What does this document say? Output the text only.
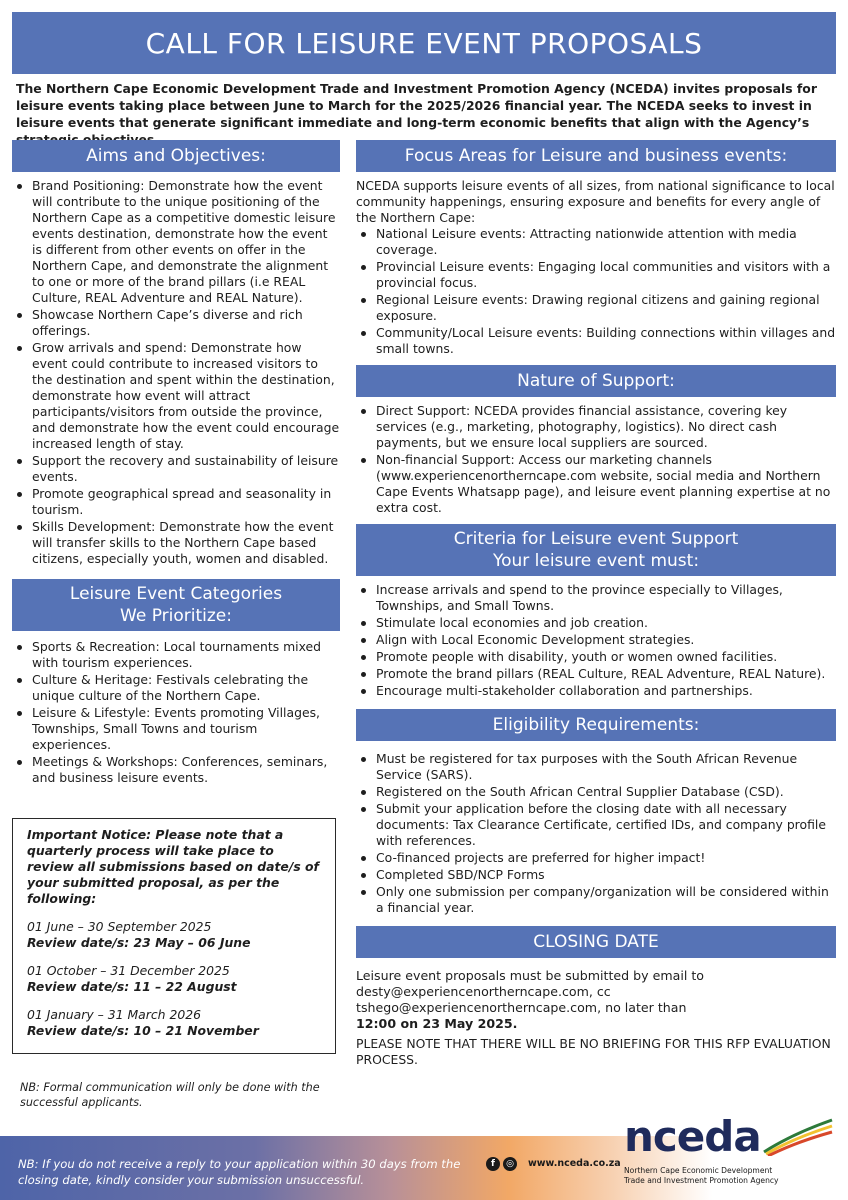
CALL FOR LEISURE EVENT PROPOSALS
The Northern Cape Economic Development Trade and Investment Promotion Agency (NCEDA) invites proposals for leisure events taking place between June to March for the 2025/2026 financial year. The NCEDA seeks to invest in leisure events that generate significant immediate and long-term economic benefits that align with the Agency’s
Aims and Objectives:
Brand Positioning: Demonstrate how the event will contribute to the unique positioning of the Northern Cape as a competitive domestic leisure events destination, demonstrate how the event is different from other events on offer in the Northern Cape, and demonstrate the alignment to one or more of the brand pillars (i.e REAL Culture, REAL Adventure and REAL Nature).
Showcase Northern Cape’s diverse and rich offerings.
Grow arrivals and spend: Demonstrate how event could contribute to increased visitors to the destination and spent within the destination, demonstrate how event will attract participants/visitors from outside the province, and demonstrate how the event could encourage increased length of stay.
Support the recovery and sustainability of leisure events.
Promote geographical spread and seasonality in tourism.
Skills Development: Demonstrate how the event will transfer skills to the Northern Cape based citizens, especially youth, women and disabled.
Leisure Event Categories
We Prioritize:
Sports & Recreation: Local tournaments mixed with tourism experiences.
Culture & Heritage: Festivals celebrating the unique culture of the Northern Cape.
Leisure & Lifestyle: Events promoting Villages, Townships, Small Towns and tourism experiences.
Meetings & Workshops: Conferences, seminars, and business leisure events.
Important Notice: Please note that a quarterly process will take place to review all submissions based on date/s of your submitted proposal, as per the following:
01 June – 30 September 2025
Review date/s: 23 May – 06 June
01 October – 31 December 2025
Review date/s: 11 – 22 August
01 January – 31 March 2026
Review date/s: 10 – 21 November
NB: Formal communication will only be done with the successful applicants.
Focus Areas for Leisure and business events:
NCEDA supports leisure events of all sizes, from national significance to local community happenings, ensuring exposure and benefits for every angle of the Northern Cape:
National Leisure events: Attracting nationwide attention with media coverage.
Provincial Leisure events: Engaging local communities and visitors with a provincial focus.
Regional Leisure events: Drawing regional citizens and gaining regional exposure.
Community/Local Leisure events: Building connections within villages and small towns.
Nature of Support:
Direct Support: NCEDA provides financial assistance, covering key services (e.g., marketing, photography, logistics). No direct cash payments, but we ensure local suppliers are sourced.
Non-financial Support: Access our marketing channels (www.experiencenortherncape.com website, social media and Northern Cape Events Whatsapp page), and leisure event planning expertise at no extra cost.
Criteria for Leisure event Support
Your leisure event must:
Increase arrivals and spend to the province especially to Villages, Townships, and Small Towns.
Stimulate local economies and job creation.
Align with Local Economic Development strategies.
Promote people with disability, youth or women owned facilities.
Promote the brand pillars (REAL Culture, REAL Adventure, REAL Nature).
Encourage multi-stakeholder collaboration and partnerships.
Eligibility Requirements:
Must be registered for tax purposes with the South African Revenue Service (SARS).
Registered on the South African Central Supplier Database (CSD).
Submit your application before the closing date with all necessary documents: Tax Clearance Certificate, certified IDs, and company profile with references.
Co-financed projects are preferred for higher impact!
Completed SBD/NCP Forms
Only one submission per company/organization will be considered within a financial year.
CLOSING DATE
Leisure event proposals must be submitted by email to desty@experiencenortherncape.com, cc tshego@experiencenortherncape.com, no later than
12:00 on 23 May 2025.
PLEASE NOTE THAT THERE WILL BE NO BRIEFING FOR THIS RFP EVALUATION PROCESS.
NB: If you do not receive a reply to your application within 30 days from the closing date, kindly consider your submission unsuccessful.
f	◎	www.nceda.co.za
nceda
Northern Cape Economic Development
Trade and Investment Promotion Agency
